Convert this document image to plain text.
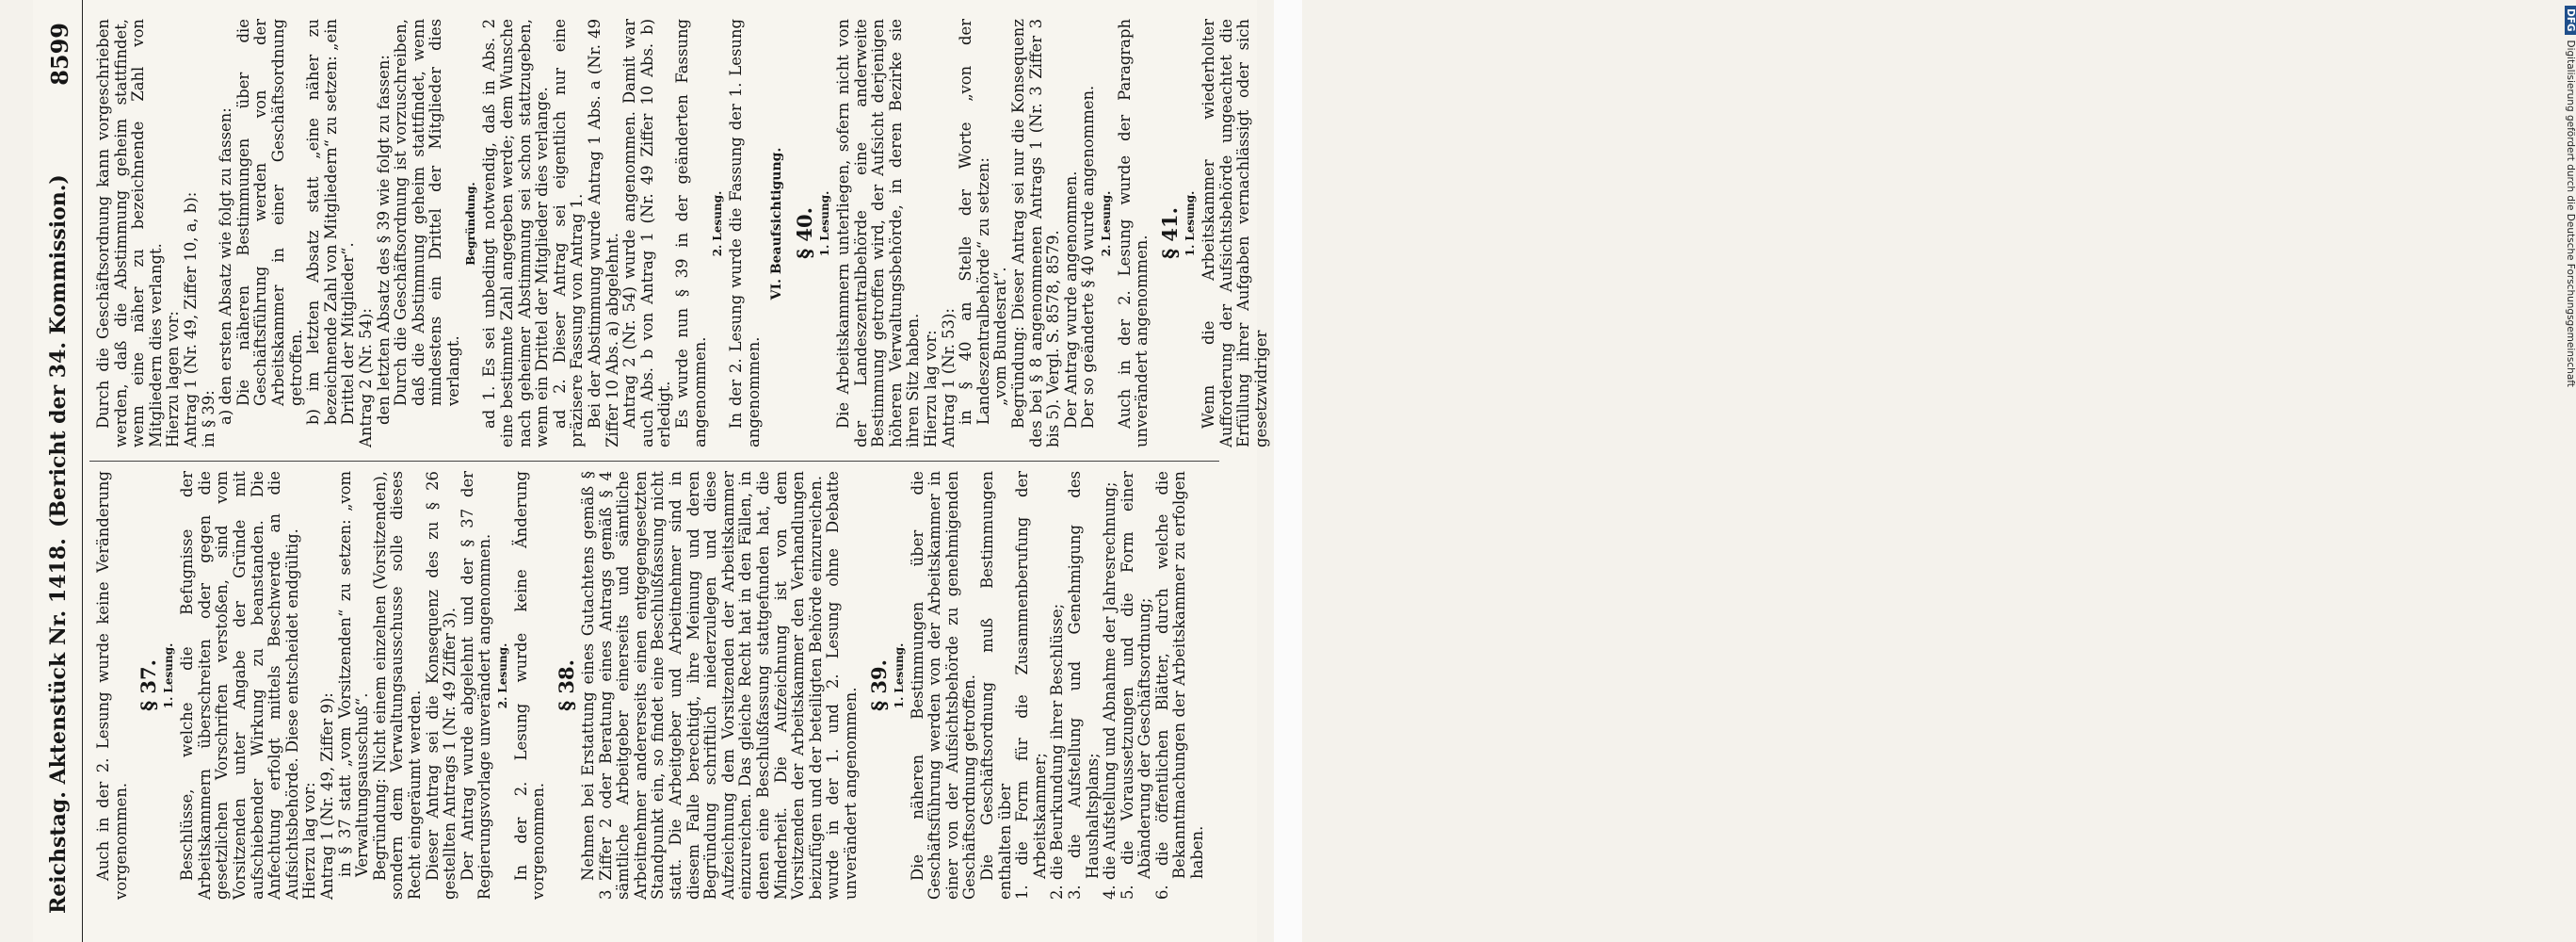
Reichstag. Aktenstück Nr. 1418.
(Bericht der 34. Kommission.)
8599

Auch in der 2. Lesung wurde keine Veränderung vorgenommen.

§ 37. 1. Lesung. Beschlüsse, welche die Befugnisse der Arbeitskammern überschreiten oder gegen die gesetzlichen Vorschriften verstoßen, sind vom Vorsitzenden unter Angabe der Gründe mit aufschiebender Wirkung zu beanstanden. Die Anfechtung erfolgt mittels Beschwerde an die Aufsichtsbehörde. Diese entscheidet endgültig. Hierzu lag vor: Antrag 1 (Nr. 49, Ziffer 9): in § 37 statt „vom Vorsitzenden“ zu setzen: „vom Verwaltungsausschuß“. Begründung: Nicht einem einzelnen (Vorsitzenden), sondern dem Verwaltungsausschusse solle dieses Recht eingeräumt werden. Dieser Antrag sei die Konsequenz des zu § 26 gestellten Antrags 1 (Nr. 49 Ziffer 3). Der Antrag wurde abgelehnt und der § 37 der Regierungsvorlage unverändert angenommen. 2. Lesung. In der 2. Lesung wurde keine Änderung vorgenommen.

§ 38. Nehmen bei Erstattung eines Gutachtens gemäß § 3 Ziffer 2 oder Beratung eines Antrags gemäß § 4 sämtliche Arbeitgeber einerseits und sämtliche Arbeitnehmer andererseits einen entgegengesetzten Standpunkt ein, so findet eine Beschlußfassung nicht statt. Die Arbeitgeber und Arbeitnehmer sind in diesem Falle berechtigt, ihre Meinung und deren Begründung schriftlich niederzulegen und diese Aufzeichnung dem Vorsitzenden der Arbeitskammer einzureichen. Das gleiche Recht hat in den Fällen, in denen eine Beschlußfassung stattgefunden hat, die Minderheit. Die Aufzeichnung ist von dem Vorsitzenden der Arbeitskammer den Verhandlungen beizufügen und der beteiligten Behörde einzureichen. wurde in der 1. und 2. Lesung ohne Debatte unverändert angenommen.

§ 39. 1. Lesung. Die näheren Bestimmungen über die Geschäftsführung werden von der Arbeitskammer in einer von der Aufsichtsbehörde zu genehmigenden Geschäftsordnung getroffen. Die Geschäftsordnung muß Bestimmungen enthalten über 1. die Form für die Zusammenberufung der Arbeitskammer; 2. die Beurkundung ihrer Beschlüsse; 3. die Aufstellung und Genehmigung des Haushaltsplans; 4. die Aufstellung und Abnahme der Jahresrechnung; 5. die Voraussetzungen und die Form einer Abänderung der Geschäftsordnung; 6. die öffentlichen Blätter, durch welche die Bekanntmachungen der Arbeitskammer zu erfolgen haben.

Durch die Geschäftsordnung kann vorgeschrieben werden, daß die Abstimmung geheim stattfindet, wenn eine näher zu bezeichnende Zahl von Mitgliedern dies verlangt. Hierzu lagen vor: Antrag 1 (Nr. 49, Ziffer 10, a, b): in § 39: a) den ersten Absatz wie folgt zu fassen: Die näheren Bestimmungen über die Geschäftsführung werden von der Arbeitskammer in einer Geschäftsordnung getroffen. b) im letzten Absatz statt „eine näher zu bezeichnende Zahl von Mitgliedern“ zu setzen: „ein Drittel der Mitglieder“. Antrag 2 (Nr. 54): den letzten Absatz des § 39 wie folgt zu fassen: Durch die Geschäftsordnung ist vorzuschreiben, daß die Abstimmung geheim stattfindet, wenn mindestens ein Drittel der Mitglieder dies verlangt.

Begründung. ad 1. Es sei unbedingt notwendig, daß in Abs. 2 eine bestimmte Zahl angegeben werde; dem Wunsche nach geheimer Abstimmung sei schon stattzugeben, wenn ein Drittel der Mitglieder dies verlange. ad 2. Dieser Antrag sei eigentlich nur eine präzisere Fassung von Antrag 1. Bei der Abstimmung wurde Antrag 1 Abs. a (Nr. 49 Ziffer 10 Abs. a) abgelehnt. Antrag 2 (Nr. 54) wurde angenommen. Damit war auch Abs. b von Antrag 1 (Nr. 49 Ziffer 10 Abs. b) erledigt. Es wurde nun § 39 in der geänderten Fassung angenommen.

2. Lesung. In der 2. Lesung wurde die Fassung der 1. Lesung angenommen.

VI. Beaufsichtigung. § 40. 1. Lesung. Die Arbeitskammern unterliegen, sofern nicht von der Landeszentralbehörde eine anderweite Bestimmung getroffen wird, der Aufsicht derjenigen höheren Verwaltungsbehörde, in deren Bezirke sie ihren Sitz haben. Hierzu lag vor: Antrag 1 (Nr. 53): in § 40 an Stelle der Worte „von der Landeszentralbehörde“ zu setzen: „vom Bundesrat“. Begründung: Dieser Antrag sei nur die Konsequenz des bei § 8 angenommenen Antrags 1 (Nr. 3 Ziffer 3 bis 5). Vergl. S. 8578, 8579. Der Antrag wurde angenommen. Der so geänderte § 40 wurde angenommen. 2. Lesung. Auch in der 2. Lesung wurde der Paragraph unverändert angenommen.

§ 41. 1. Lesung. Wenn die Arbeitskammer wiederholter Aufforderung der Aufsichtsbehörde ungeachtet die Erfüllung ihrer Aufgaben vernachlässigt oder sich gesetzwidriger

DFGDigitalisierung gefördert durch die Deutsche Forschungsgemeinschaft
